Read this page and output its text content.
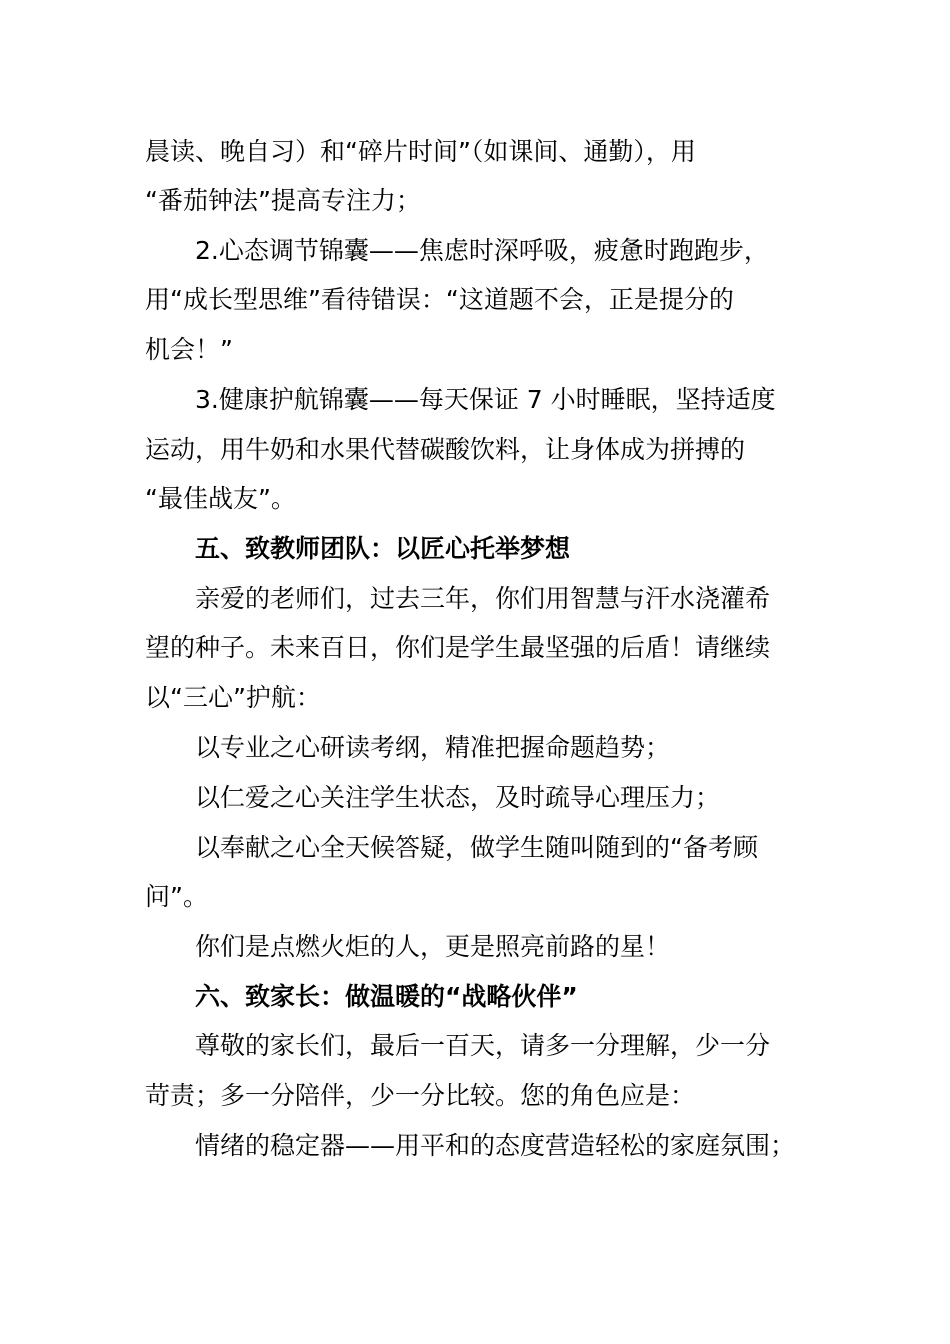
晨读、晚自习）和“碎片时间”（如课间、通勤），用
“番茄钟法”提高专注力；
2.心态调节锦囊——焦虑时深呼吸，疲惫时跑跑步，
用“成长型思维”看待错误：“这道题不会，正是提分的
机会！”
3.健康护航锦囊——每天保证 7 小时睡眠，坚持适度
运动，用牛奶和水果代替碳酸饮料，让身体成为拼搏的
“最佳战友”。
五、致教师团队：以匠心托举梦想
亲爱的老师们，过去三年，你们用智慧与汗水浇灌希
望的种子。未来百日，你们是学生最坚强的后盾！请继续
以“三心”护航：
以专业之心研读考纲，精准把握命题趋势；
以仁爱之心关注学生状态，及时疏导心理压力；
以奉献之心全天候答疑，做学生随叫随到的“备考顾
问”。
你们是点燃火炬的人，更是照亮前路的星！
六、致家长：做温暖的“战略伙伴”
尊敬的家长们，最后一百天，请多一分理解，少一分
苛责；多一分陪伴，少一分比较。您的角色应是：
情绪的稳定器——用平和的态度营造轻松的家庭氛围；
